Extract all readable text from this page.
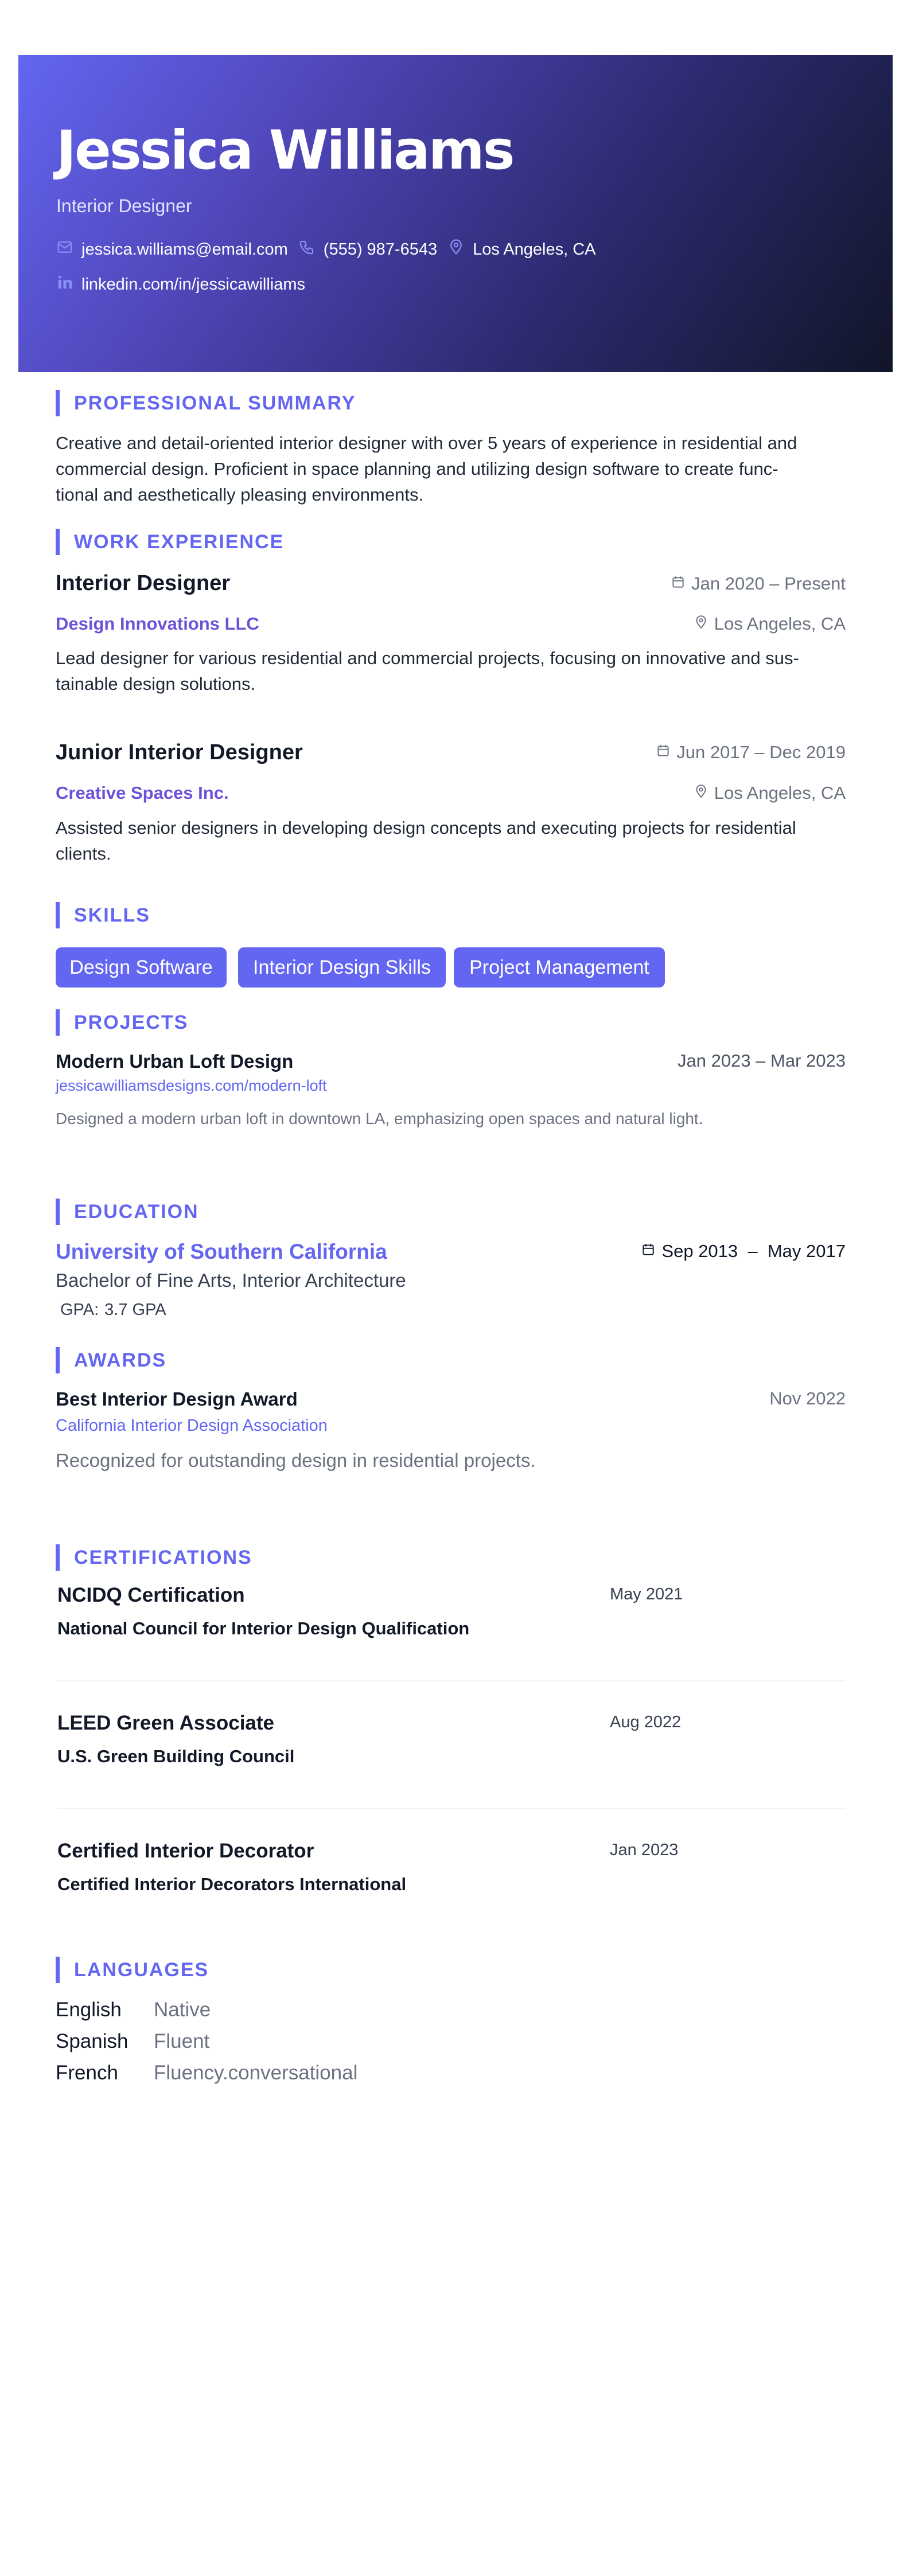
Jessica Williams
Interior Designer
jessica.williams@email.com (555) 987-6543 Los Angeles, CA
linkedin.com/in/jessicawilliams
PROFESSIONAL SUMMARY
Creative and detail-oriented interior designer with over 5 years of experience in residential and
commercial design. Proficient in space planning and utilizing design software to create func-
tional and aesthetically pleasing environments.
WORK EXPERIENCE
Interior Designer	Jan 2020 – Present
Design Innovations LLC	Los Angeles, CA
Lead designer for various residential and commercial projects, focusing on innovative and sus-
tainable design solutions.
Junior Interior Designer	Jun 2017 – Dec 2019
Creative Spaces Inc.	Los Angeles, CA
Assisted senior designers in developing design concepts and executing projects for residential
clients.
SKILLS
Design Software	Interior Design Skills	Project Management
PROJECTS
Modern Urban Loft Design	Jan 2023 – Mar 2023
jessicawilliamsdesigns.com/modern-loft
Designed a modern urban loft in downtown LA, emphasizing open spaces and natural light.
EDUCATION
University of Southern California	Sep 2013  –  May 2017
Bachelor of Fine Arts, Interior Architecture
GPA: 3.7 GPA
AWARDS
Best Interior Design Award	Nov 2022
California Interior Design Association
Recognized for outstanding design in residential projects.
CERTIFICATIONS
NCIDQ Certification	May 2021
National Council for Interior Design Qualification
LEED Green Associate	Aug 2022
U.S. Green Building Council
Certified Interior Decorator	Jan 2023
Certified Interior Decorators International
LANGUAGES
English Native
Spanish Fluent
French Fluency.conversational
